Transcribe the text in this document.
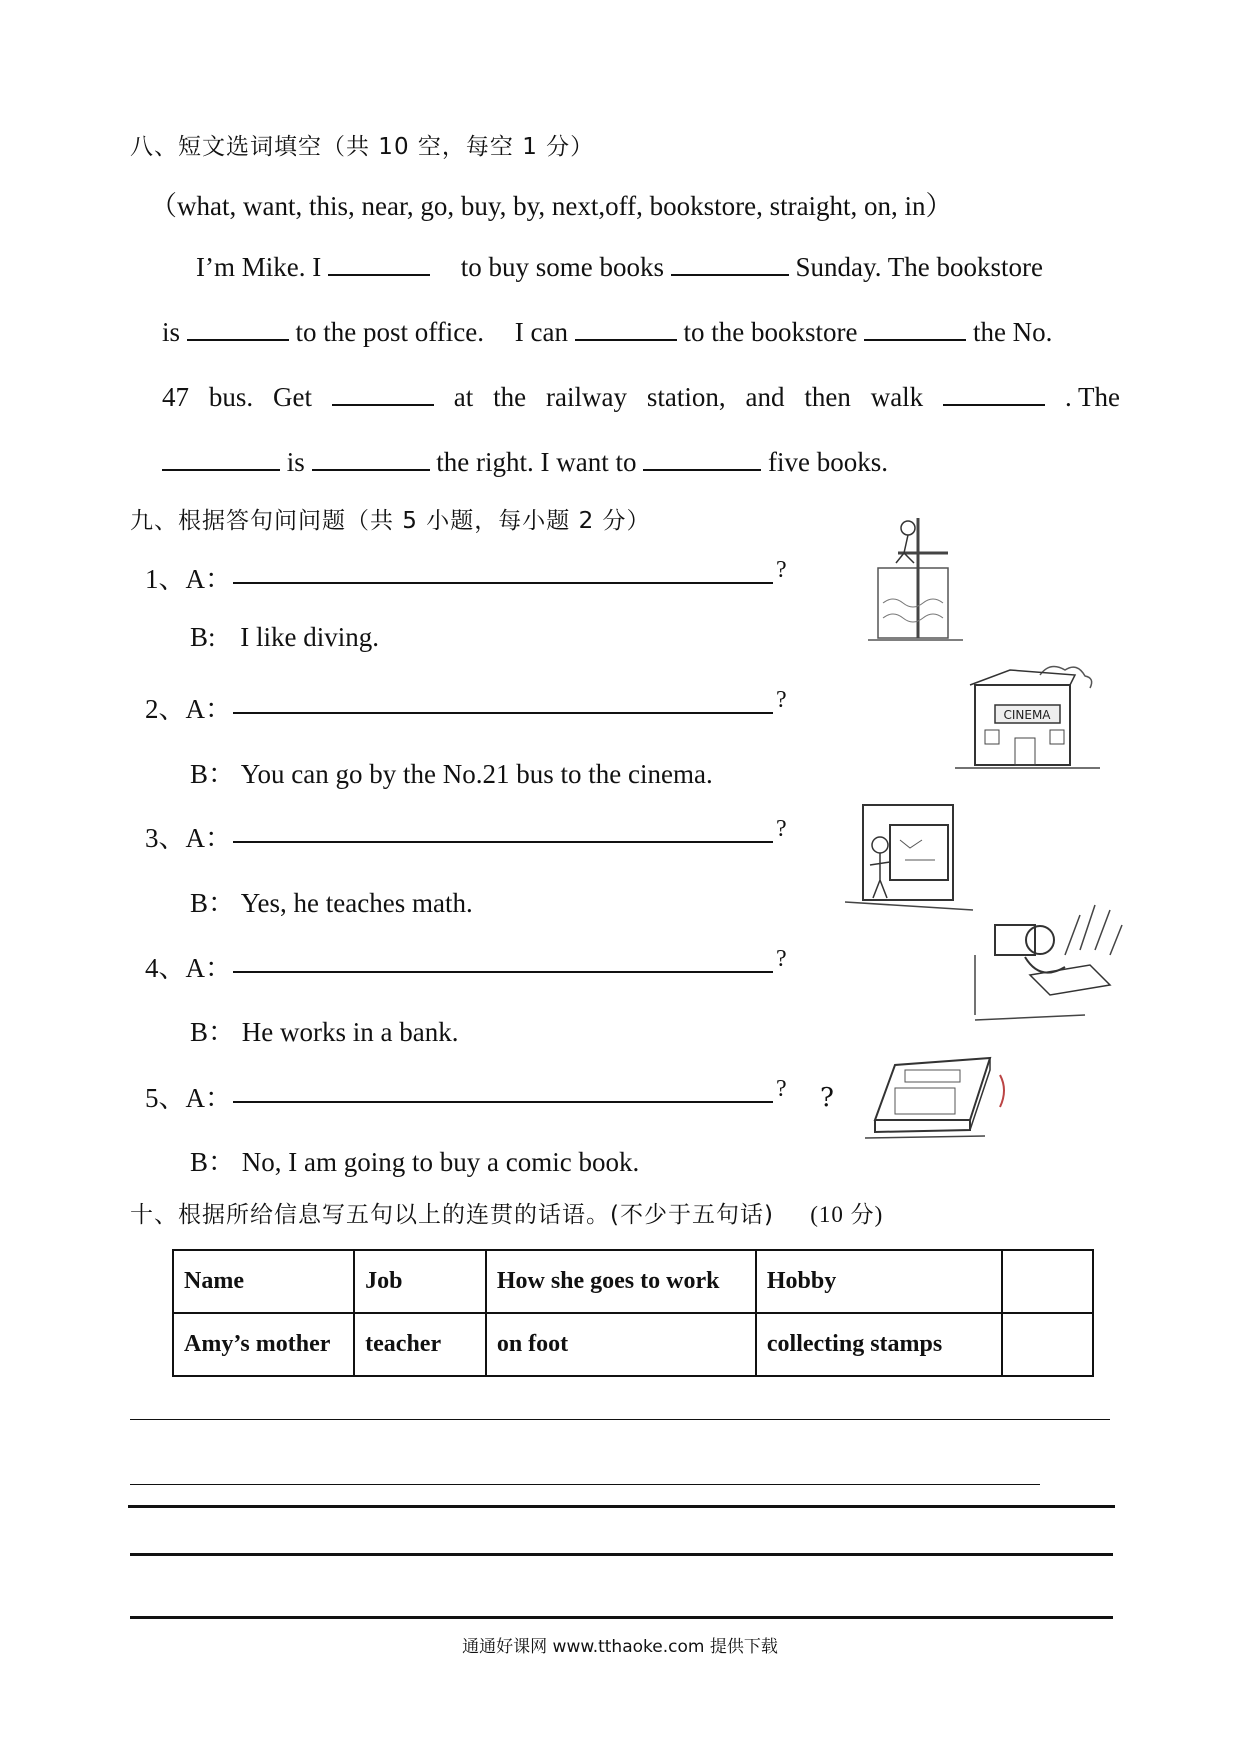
八、短文选词填空（共 10 空，每空 1 分）
（what, want, this, near, go, buy, by, next,off, bookstore, straight, on, in）
I’m Mike. I	to buy some books	Sunday. The bookstore
is	to the post office. I can	to the bookstore	the No.
47 bus. Get	at the railway station, and then walk	. The
is	the right. I want to	five books.
九、根据答句问问题（共 5 小题，每小题 2 分）
1、A：	?
B: I like diving.
2、A：	?
B： You can go by the No.21 bus to the cinema.
3、A：	?
B： Yes, he teaches math.
4、A：	?
B： He works in a bank.
5、A：	?
B： No, I am going to buy a comic book.
CINEMA
?
十、根据所给信息写五句以上的连贯的话语。(不少于五句话) (10 分)
Name	Job	How she goes to work	Hobby	
Amy’s mother	teacher	on foot	collecting stamps	
通通好课网 www.tthaoke.com 提供下载
